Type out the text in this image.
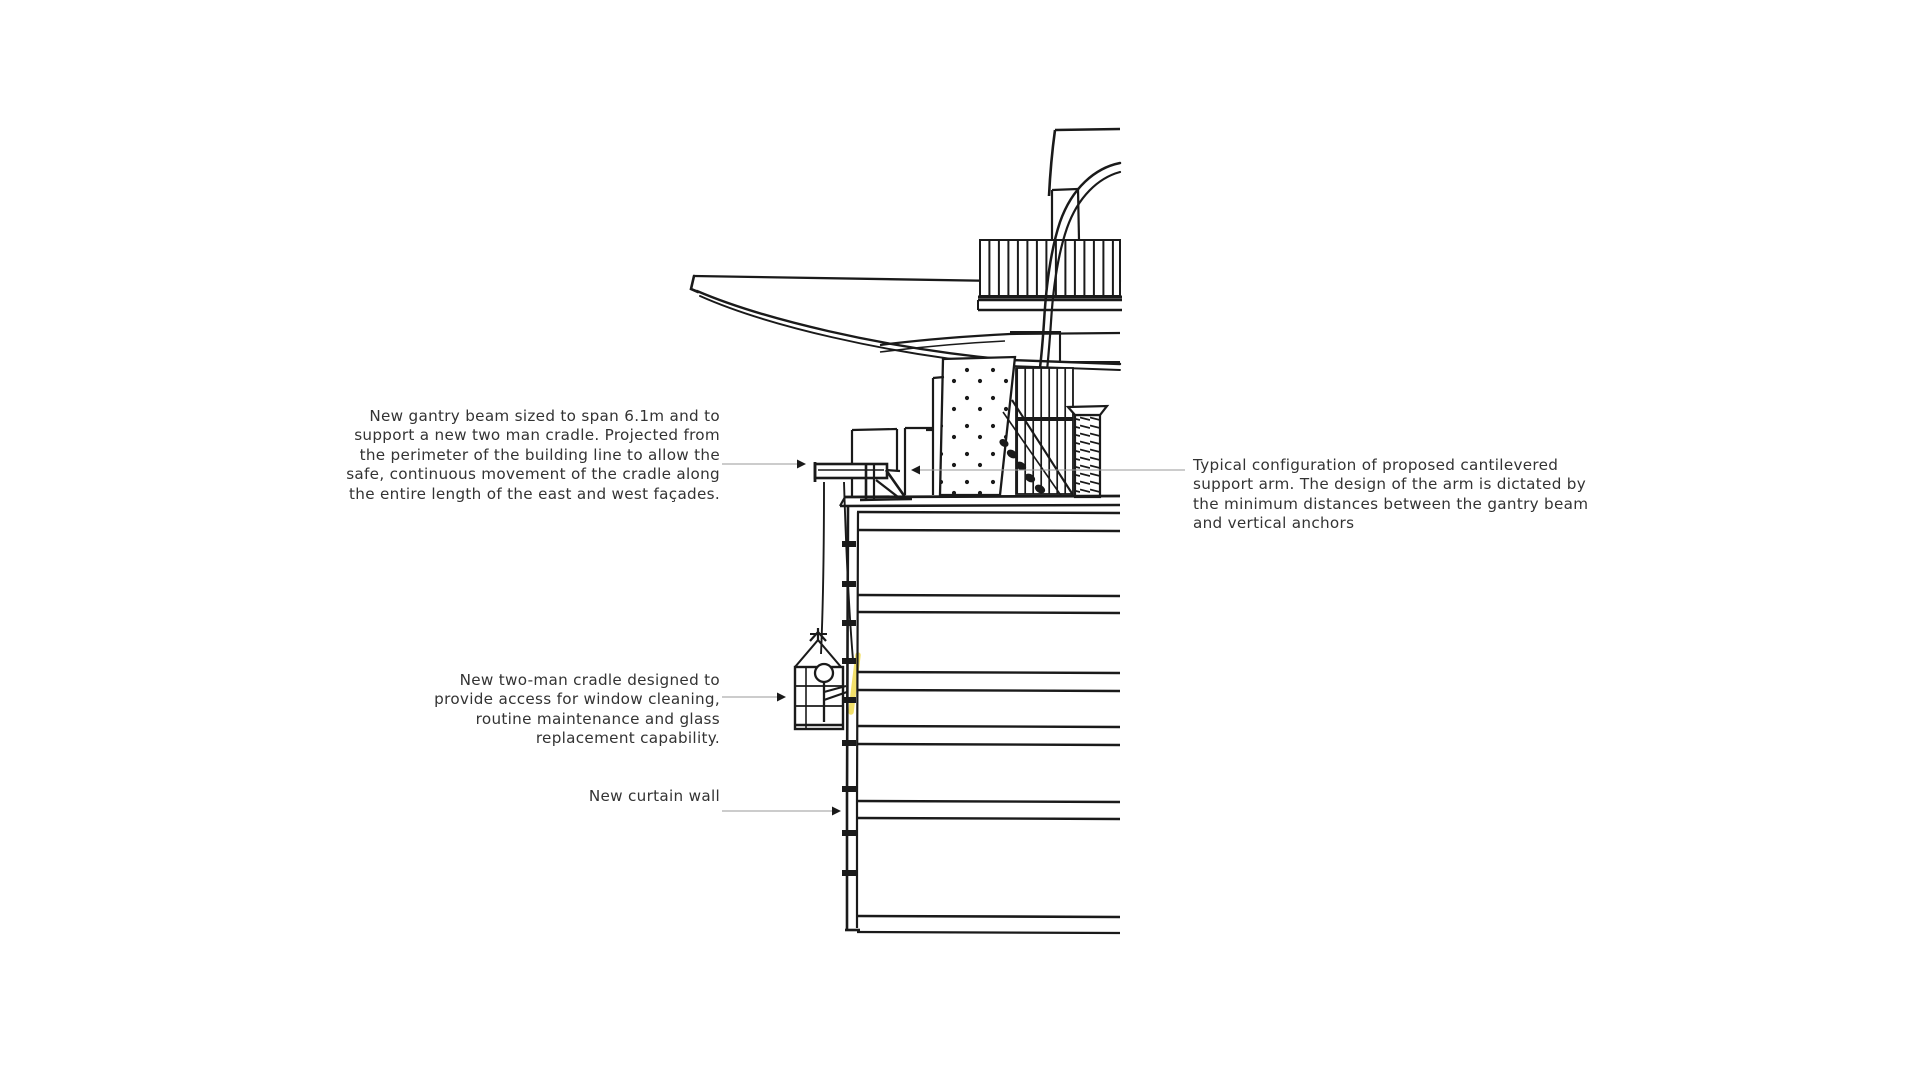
New gantry beam sized to span 6.1m and to support a new two man cradle. Projected from the perimeter of the building line to allow the safe, continuous movement of the cradle along the entire length of the east and west façades.
New two-man cradle designed to provide access for window cleaning, routine maintenance and glass replacement capability.
New curtain wall
Typical configuration of proposed cantilevered support arm. The design of the arm is dictated by the minimum distances between the gantry beam and vertical anchors
